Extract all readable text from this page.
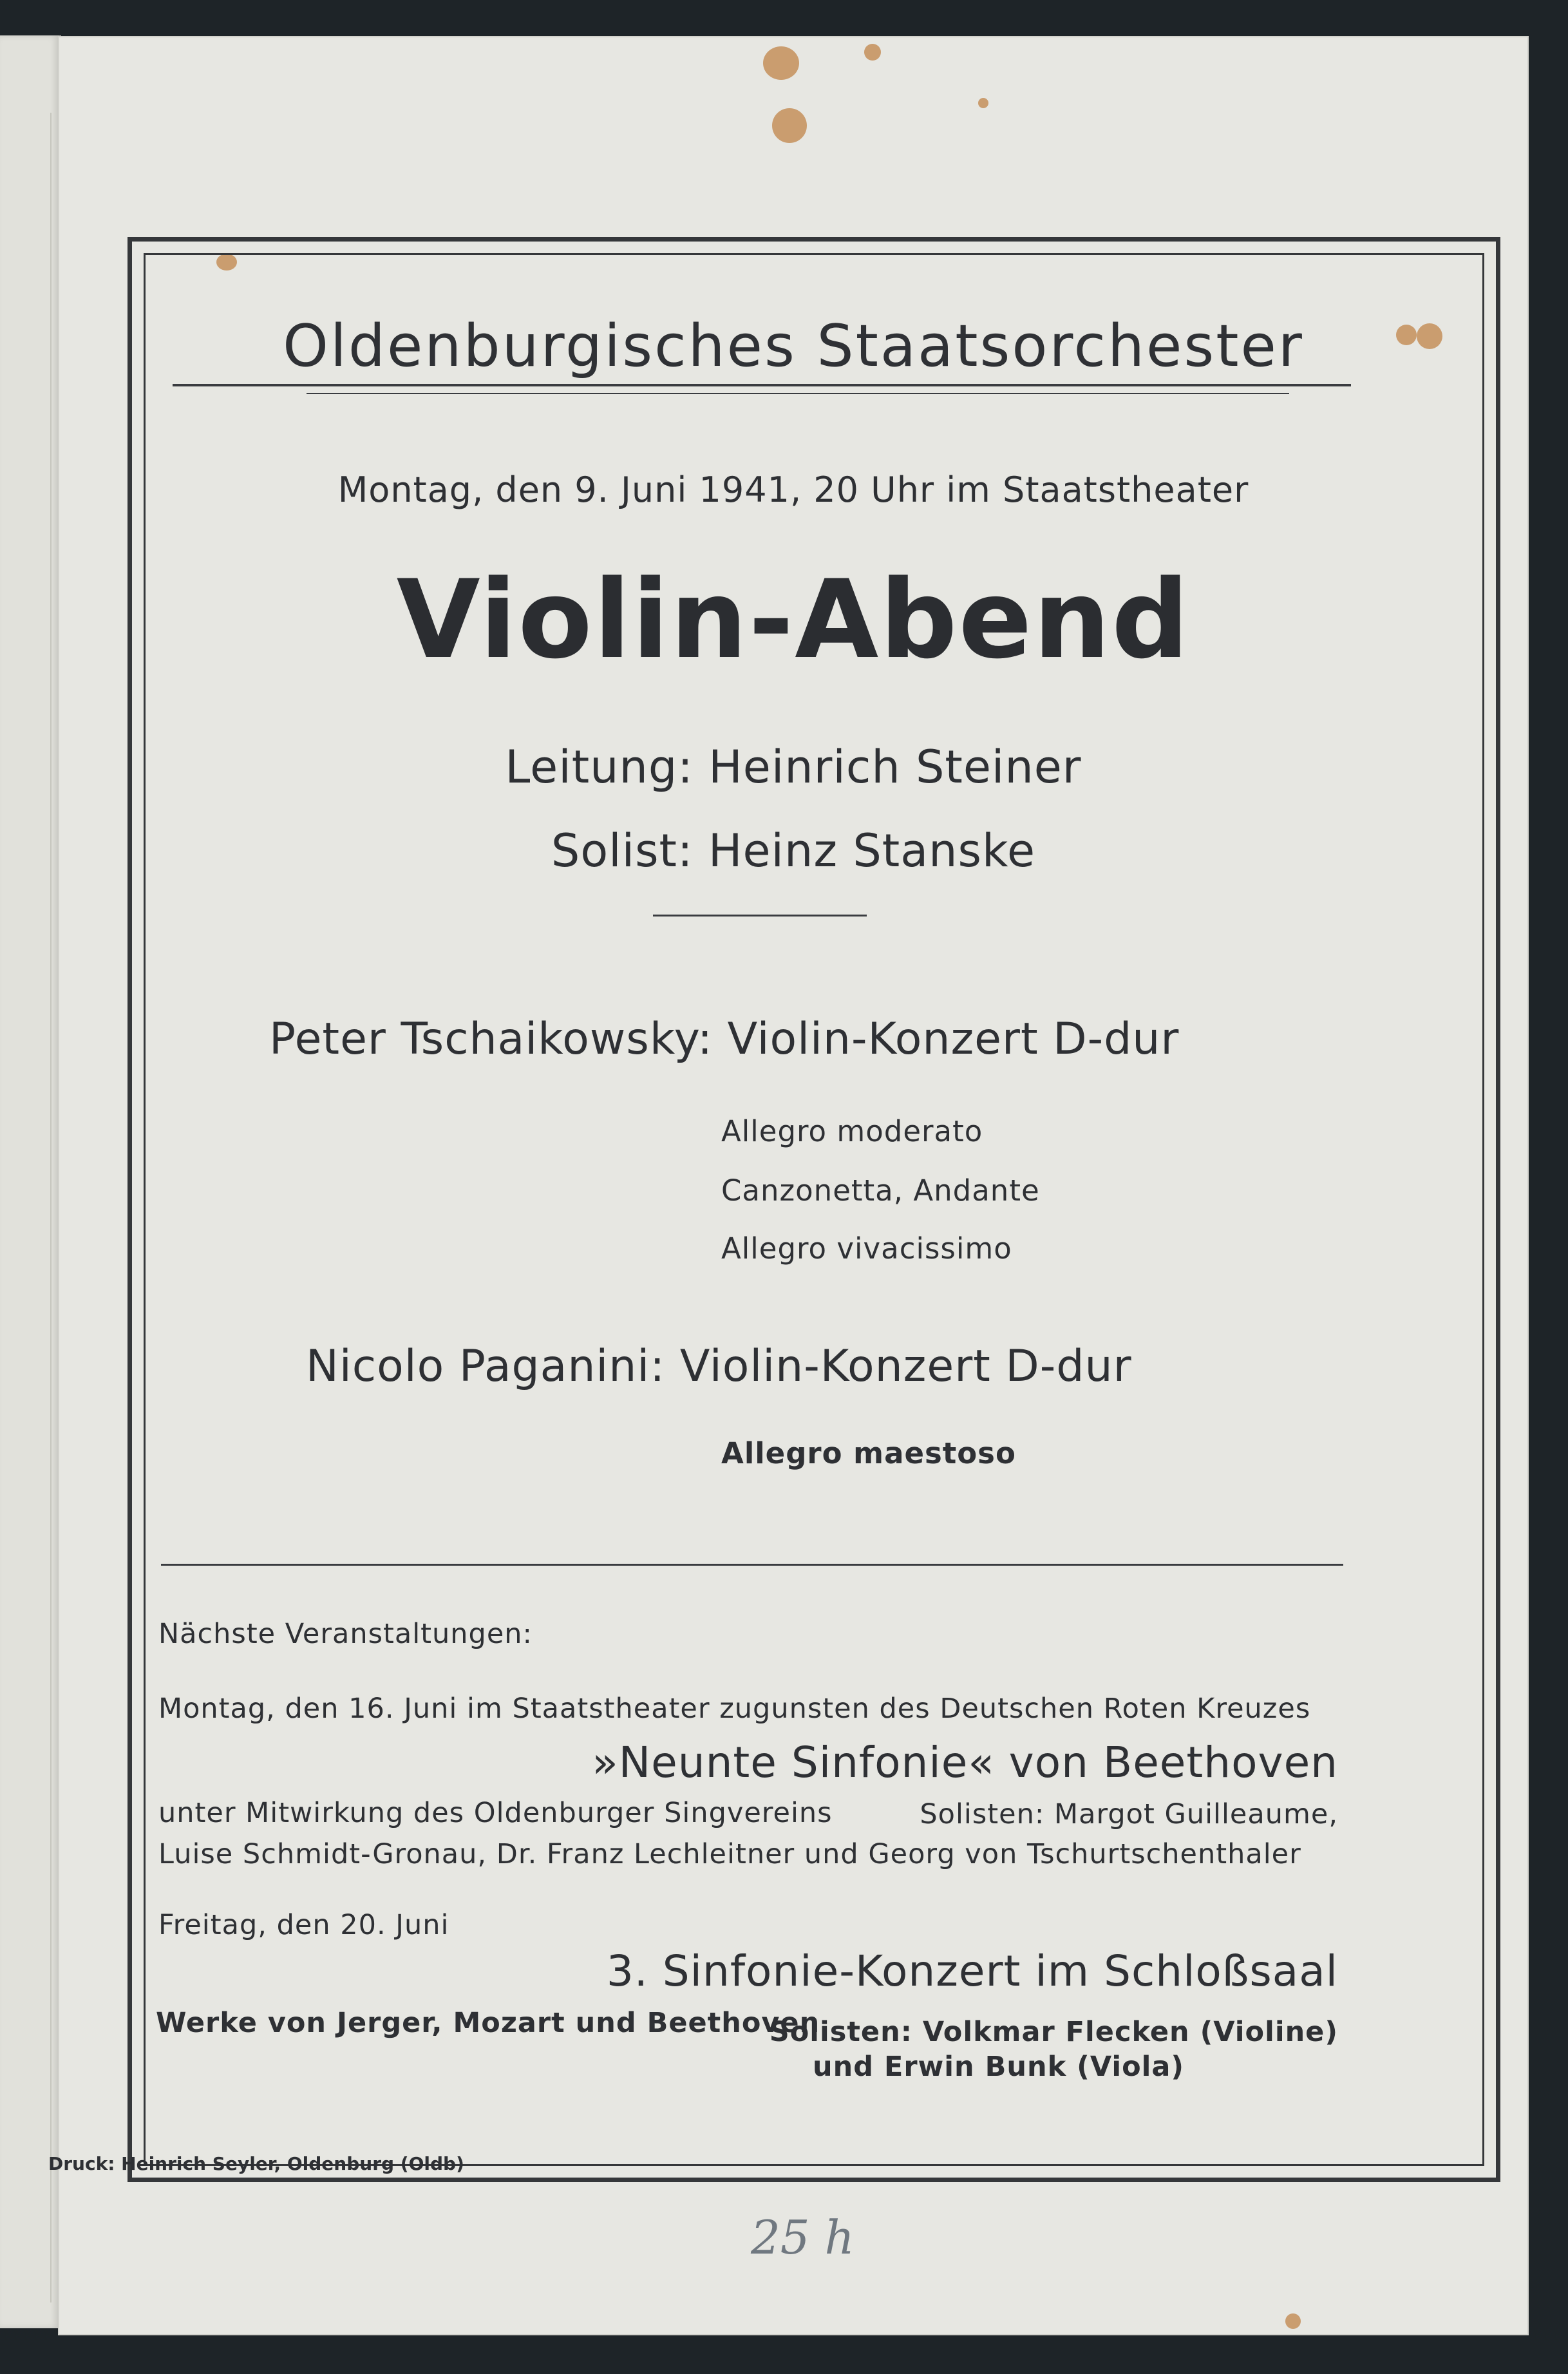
Oldenburgisches Staatsorchester

Montag, den 9. Juni 1941, 20 Uhr im Staatstheater

Violin-Abend

Leitung: Heinrich Steiner

Solist: Heinz Stanske

Peter Tschaikowsky: Violin-Konzert D-dur

Allegro moderato

Canzonetta, Andante

Allegro vivacissimo

Nicolo Paganini: Violin-Konzert D-dur

Allegro maestoso

Nächste Veranstaltungen:

Montag, den 16. Juni im Staatstheater zugunsten des Deutschen Roten Kreuzes

»Neunte Sinfonie« von Beethoven

unter Mitwirkung des Oldenburger Singvereins	Solisten: Margot Guilleaume,

Luise Schmidt-Gronau, Dr. Franz Lechleitner und Georg von Tschurtschenthaler

Freitag, den 20. Juni

3. Sinfonie-Konzert im Schloßsaal

Werke von Jerger, Mozart und Beethoven

Solisten: Volkmar Flecken (Violine)

und Erwin Bunk (Viola)

Druck: Heinrich Seyler, Oldenburg (Oldb)

25 h
